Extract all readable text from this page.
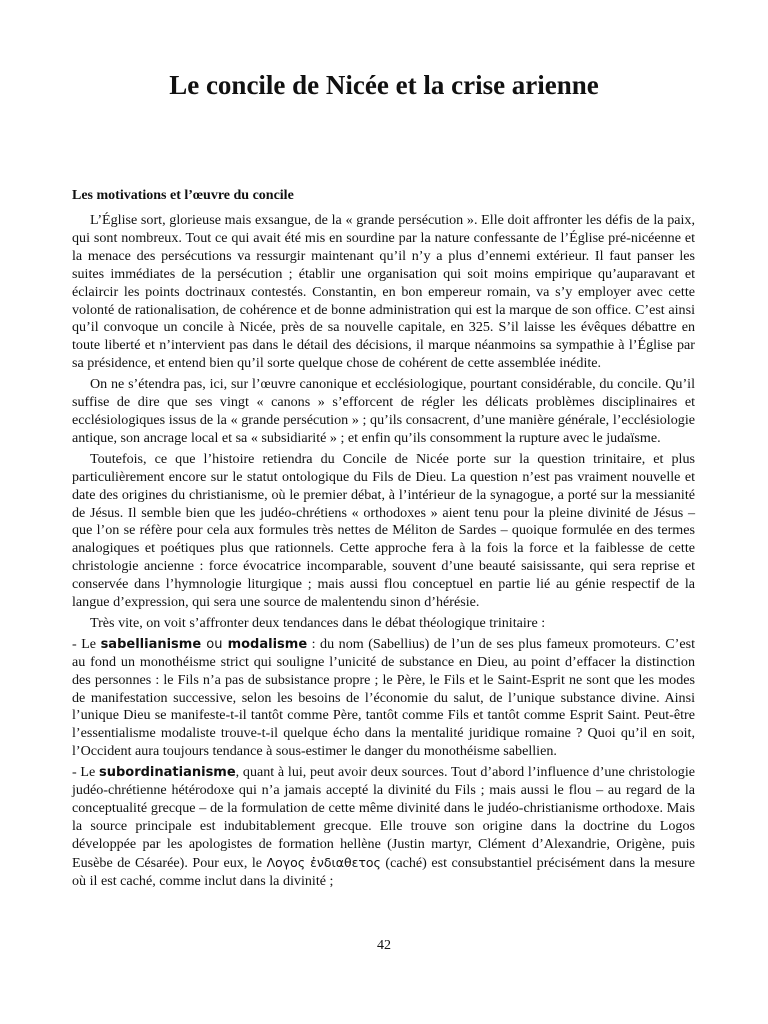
Le concile de Nicée et la crise arienne
Les motivations et l’œuvre du concile

L’Église sort, glorieuse mais exsangue, de la « grande persécution ». Elle doit affronter les défis de la paix, qui sont nombreux. Tout ce qui avait été mis en sourdine par la nature confessante de l’Église pré-nicéenne et la menace des persécutions va ressurgir maintenant qu’il n’y a plus d’ennemi extérieur. Il faut panser les suites immédiates de la persécution ; établir une organisation qui soit moins empirique qu’auparavant et éclaircir les points doctrinaux contestés. Constantin, en bon empereur romain, va s’y employer avec cette volonté de rationalisation, de cohérence et de bonne administration qui est la marque de son office. C’est ainsi qu’il convoque un concile à Nicée, près de sa nouvelle capitale, en 325. S’il laisse les évêques débattre en toute liberté et n’intervient pas dans le détail des décisions, il marque néanmoins sa sympathie à l’Église par sa présidence, et entend bien qu’il sorte quelque chose de cohérent de cette assemblée inédite.

On ne s’étendra pas, ici, sur l’œuvre canonique et ecclésiologique, pourtant considérable, du concile. Qu’il suffise de dire que ses vingt « canons » s’efforcent de régler les délicats problèmes disciplinaires et ecclésiologiques issus de la « grande persécution » ; qu’ils consacrent, d’une manière générale, l’ecclésiologie antique, son ancrage local et sa « subsidiarité » ; et enfin qu’ils consomment la rupture avec le judaïsme.

Toutefois, ce que l’histoire retiendra du Concile de Nicée porte sur la question trinitaire, et plus particulièrement encore sur le statut ontologique du Fils de Dieu. La question n’est pas vraiment nouvelle et date des origines du christianisme, où le premier débat, à l’intérieur de la synagogue, a porté sur la messianité de Jésus. Il semble bien que les judéo-chrétiens « orthodoxes » aient tenu pour la pleine divinité de Jésus – que l’on se réfère pour cela aux formules très nettes de Méliton de Sardes – quoique formulée en des termes analogiques et poétiques plus que rationnels. Cette approche fera à la fois la force et la faiblesse de cette christologie ancienne : force évocatrice incomparable, souvent d’une beauté saisissante, qui sera reprise et conservée dans l’hymnologie liturgique ; mais aussi flou conceptuel en partie lié au génie respectif de la langue d’expression, qui sera une source de malentendu sinon d’hérésie.

Très vite, on voit s’affronter deux tendances dans le débat théologique trinitaire :

- Le sabellianisme ou modalisme : du nom (Sabellius) de l’un de ses plus fameux promoteurs. C’est au fond un monothéisme strict qui souligne l’unicité de substance en Dieu, au point d’effacer la distinction des personnes : le Fils n’a pas de subsistance propre ; le Père, le Fils et le Saint-Esprit ne sont que les modes de manifestation successive, selon les besoins de l’économie du salut, de l’unique substance divine. Ainsi l’unique Dieu se manifeste-t-il tantôt comme Père, tantôt comme Fils et tantôt comme Esprit Saint. Peut-être l’essentialisme modaliste trouve-t-il quelque écho dans la mentalité juridique romaine ? Quoi qu’il en soit, l’Occident aura toujours tendance à sous-estimer le danger du monothéisme sabellien.

- Le subordinatianisme, quant à lui, peut avoir deux sources. Tout d’abord l’influence d’une christologie judéo-chrétienne hétérodoxe qui n’a jamais accepté la divinité du Fils ; mais aussi le flou – au regard de la conceptualité grecque – de la formulation de cette même divinité dans le judéo-christianisme orthodoxe. Mais la source principale est indubitablement grecque. Elle trouve son origine dans la doctrine du Logos développée par les apologistes de formation hellène (Justin martyr, Clément d’Alexandrie, Origène, puis Eusèbe de Césarée). Pour eux, le Λογος ἐνδιαθετος (caché) est consubstantiel précisément dans la mesure où il est caché, comme inclut dans la divinité ;

42
